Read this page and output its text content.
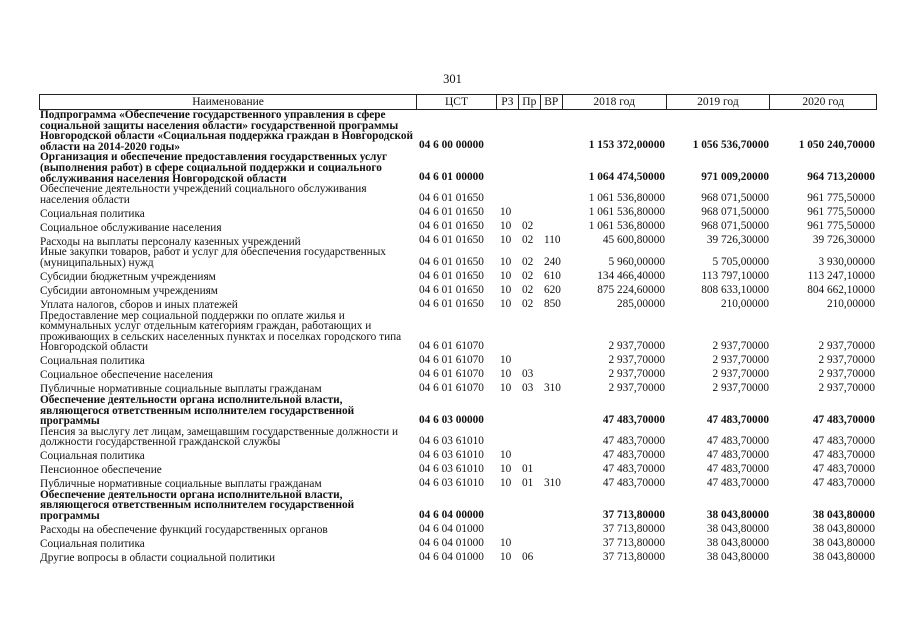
301
Наименование	ЦСТ	РЗ Пр ВР	2018 год	2019 год	2020 год
Подпрограмма «Обеспечение государственного управления в сфере социальной защиты населения области» государственной программы Новгородской области «Социальная поддержка граждан в Новгородской области на 2014-2020 годы»	04 6 00 00000	1 153 372,00000	1 056 536,70000	1 050 240,70000
Организация и обеспечение предоставления государственных услуг (выполнения работ) в сфере социальной поддержки и социального обслуживания населения Новгородской области	04 6 01 00000	1 064 474,50000	971 009,20000	964 713,20000
Обеспечение деятельности учреждений социального обслуживания населения области	04 6 01 01650	1 061 536,80000	968 071,50000	961 775,50000
Социальная политика	04 6 01 01650	10	1 061 536,80000	968 071,50000	961 775,50000
Социальное обслуживание населения	04 6 01 01650	10 02	1 061 536,80000	968 071,50000	961 775,50000
Расходы на выплаты персоналу казенных учреждений	04 6 01 01650	10 02 110	45 600,80000	39 726,30000	39 726,30000
Иные закупки товаров, работ и услуг для обеспечения государственных (муниципальных) нужд	04 6 01 01650	10 02 240	5 960,00000	5 705,00000	3 930,00000
Субсидии бюджетным учреждениям	04 6 01 01650	10 02 610	134 466,40000	113 797,10000	113 247,10000
Субсидии автономным учреждениям	04 6 01 01650	10 02 620	875 224,60000	808 633,10000	804 662,10000
Уплата налогов, сборов и иных платежей	04 6 01 01650	10 02 850	285,00000	210,00000	210,00000
Предоставление мер социальной поддержки по оплате жилья и коммунальных услуг отдельным категориям граждан, работающих и проживающих в сельских населенных пунктах и поселках городского типа Новгородской области	04 6 01 61070	2 937,70000	2 937,70000	2 937,70000
Социальная политика	04 6 01 61070	10	2 937,70000	2 937,70000	2 937,70000
Социальное обеспечение населения	04 6 01 61070	10 03	2 937,70000	2 937,70000	2 937,70000
Публичные нормативные социальные выплаты гражданам	04 6 01 61070	10 03 310	2 937,70000	2 937,70000	2 937,70000
Обеспечение деятельности органа исполнительной власти, являющегося ответственным исполнителем государственной программы	04 6 03 00000	47 483,70000	47 483,70000	47 483,70000
Пенсия за выслугу лет лицам, замещавшим государственные должности и должности государственной гражданской службы	04 6 03 61010	47 483,70000	47 483,70000	47 483,70000
Социальная политика	04 6 03 61010	10	47 483,70000	47 483,70000	47 483,70000
Пенсионное обеспечение	04 6 03 61010	10 01	47 483,70000	47 483,70000	47 483,70000
Публичные нормативные социальные выплаты гражданам	04 6 03 61010	10 01 310	47 483,70000	47 483,70000	47 483,70000
Обеспечение деятельности органа исполнительной власти, являющегося ответственным исполнителем государственной программы	04 6 04 00000	37 713,80000	38 043,80000	38 043,80000
Расходы на обеспечение функций государственных органов	04 6 04 01000	37 713,80000	38 043,80000	38 043,80000
Социальная политика	04 6 04 01000	10	37 713,80000	38 043,80000	38 043,80000
Другие вопросы в области социальной политики	04 6 04 01000	10 06	37 713,80000	38 043,80000	38 043,80000
